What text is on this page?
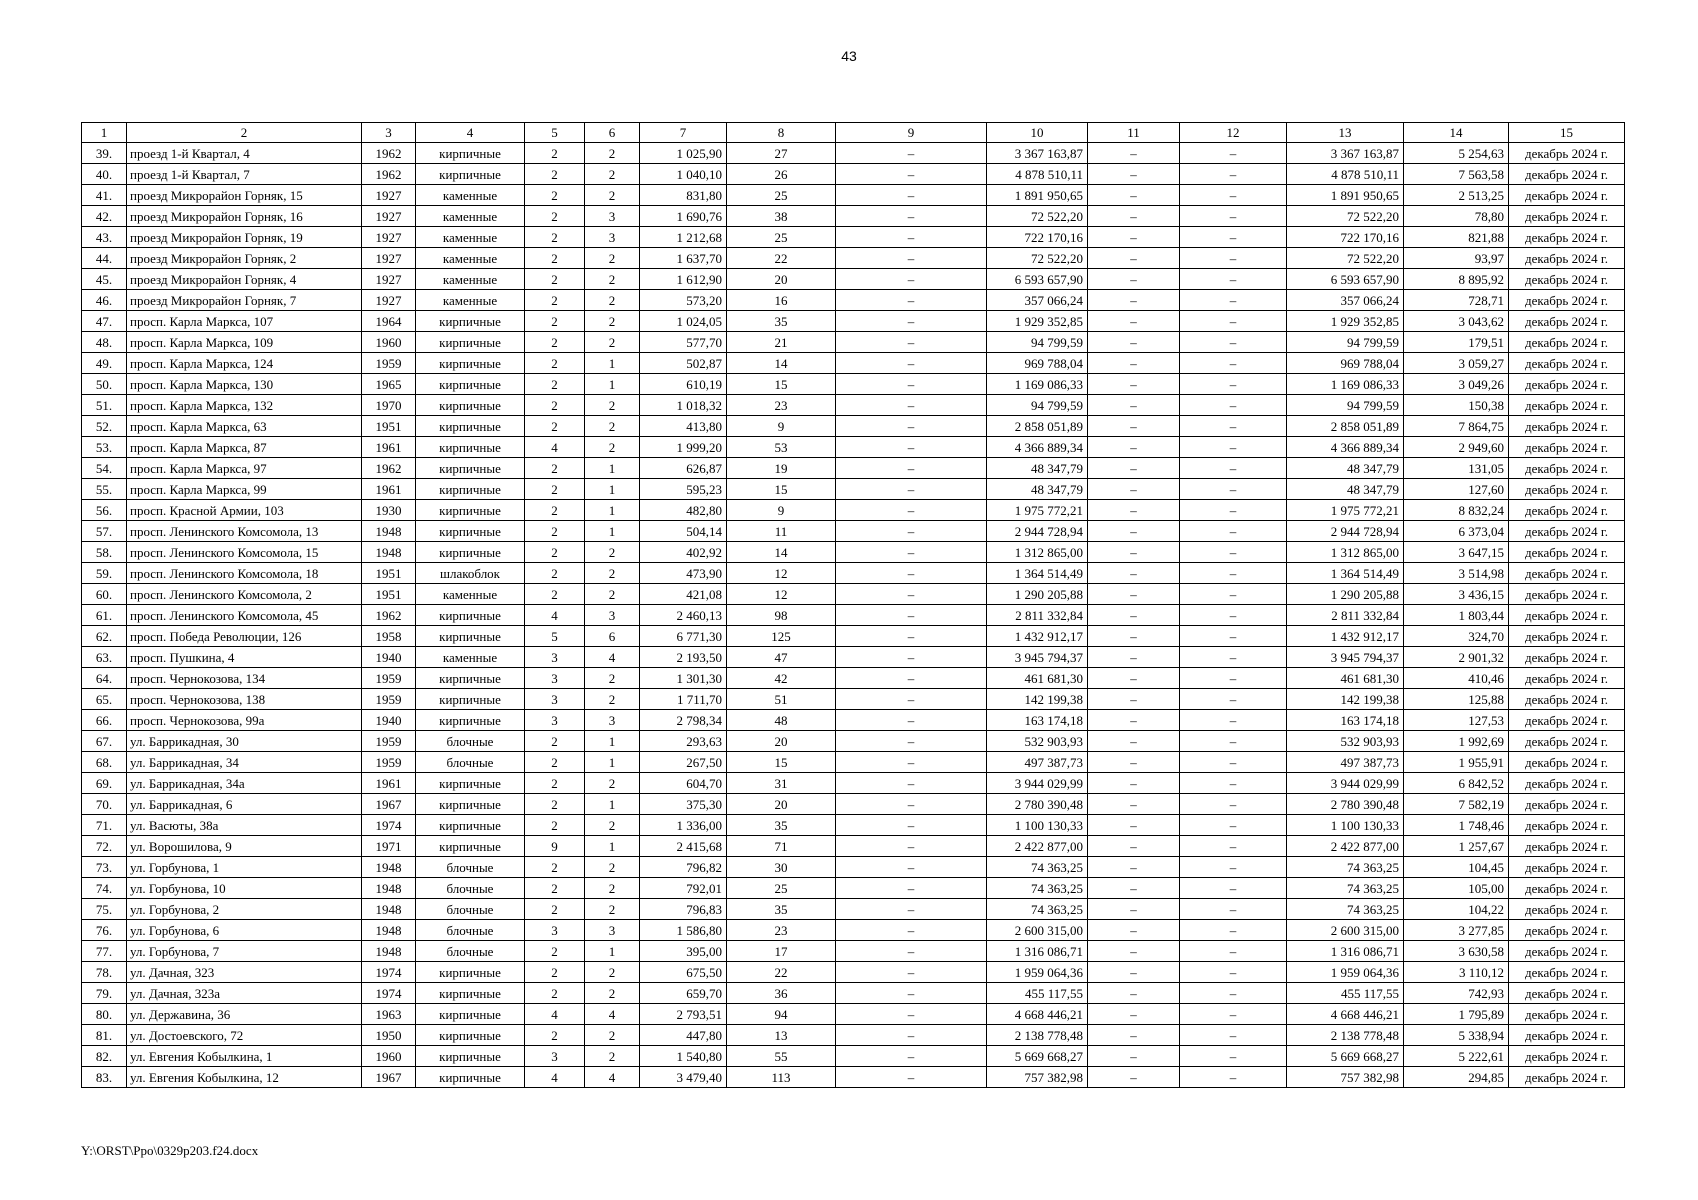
43
1	2	3	4	5	6	7	8	9	10	11	12	13	14	15
39.	проезд 1-й Квартал, 4	1962	кирпичные	2	2	1 025,90	27	–	3 367 163,87	–	–	3 367 163,87	5 254,63	декабрь 2024 г.
40.	проезд 1-й Квартал, 7	1962	кирпичные	2	2	1 040,10	26	–	4 878 510,11	–	–	4 878 510,11	7 563,58	декабрь 2024 г.
41.	проезд Микрорайон Горняк, 15	1927	каменные	2	2	831,80	25	–	1 891 950,65	–	–	1 891 950,65	2 513,25	декабрь 2024 г.
42.	проезд Микрорайон Горняк, 16	1927	каменные	2	3	1 690,76	38	–	72 522,20	–	–	72 522,20	78,80	декабрь 2024 г.
43.	проезд Микрорайон Горняк, 19	1927	каменные	2	3	1 212,68	25	–	722 170,16	–	–	722 170,16	821,88	декабрь 2024 г.
44.	проезд Микрорайон Горняк, 2	1927	каменные	2	2	1 637,70	22	–	72 522,20	–	–	72 522,20	93,97	декабрь 2024 г.
45.	проезд Микрорайон Горняк, 4	1927	каменные	2	2	1 612,90	20	–	6 593 657,90	–	–	6 593 657,90	8 895,92	декабрь 2024 г.
46.	проезд Микрорайон Горняк, 7	1927	каменные	2	2	573,20	16	–	357 066,24	–	–	357 066,24	728,71	декабрь 2024 г.
47.	просп. Карла Маркса, 107	1964	кирпичные	2	2	1 024,05	35	–	1 929 352,85	–	–	1 929 352,85	3 043,62	декабрь 2024 г.
48.	просп. Карла Маркса, 109	1960	кирпичные	2	2	577,70	21	–	94 799,59	–	–	94 799,59	179,51	декабрь 2024 г.
49.	просп. Карла Маркса, 124	1959	кирпичные	2	1	502,87	14	–	969 788,04	–	–	969 788,04	3 059,27	декабрь 2024 г.
50.	просп. Карла Маркса, 130	1965	кирпичные	2	1	610,19	15	–	1 169 086,33	–	–	1 169 086,33	3 049,26	декабрь 2024 г.
51.	просп. Карла Маркса, 132	1970	кирпичные	2	2	1 018,32	23	–	94 799,59	–	–	94 799,59	150,38	декабрь 2024 г.
52.	просп. Карла Маркса, 63	1951	кирпичные	2	2	413,80	9	–	2 858 051,89	–	–	2 858 051,89	7 864,75	декабрь 2024 г.
53.	просп. Карла Маркса, 87	1961	кирпичные	4	2	1 999,20	53	–	4 366 889,34	–	–	4 366 889,34	2 949,60	декабрь 2024 г.
54.	просп. Карла Маркса, 97	1962	кирпичные	2	1	626,87	19	–	48 347,79	–	–	48 347,79	131,05	декабрь 2024 г.
55.	просп. Карла Маркса, 99	1961	кирпичные	2	1	595,23	15	–	48 347,79	–	–	48 347,79	127,60	декабрь 2024 г.
56.	просп. Красной Армии, 103	1930	кирпичные	2	1	482,80	9	–	1 975 772,21	–	–	1 975 772,21	8 832,24	декабрь 2024 г.
57.	просп. Ленинского Комсомола, 13	1948	кирпичные	2	1	504,14	11	–	2 944 728,94	–	–	2 944 728,94	6 373,04	декабрь 2024 г.
58.	просп. Ленинского Комсомола, 15	1948	кирпичные	2	2	402,92	14	–	1 312 865,00	–	–	1 312 865,00	3 647,15	декабрь 2024 г.
59.	просп. Ленинского Комсомола, 18	1951	шлакоблок	2	2	473,90	12	–	1 364 514,49	–	–	1 364 514,49	3 514,98	декабрь 2024 г.
60.	просп. Ленинского Комсомола, 2	1951	каменные	2	2	421,08	12	–	1 290 205,88	–	–	1 290 205,88	3 436,15	декабрь 2024 г.
61.	просп. Ленинского Комсомола, 45	1962	кирпичные	4	3	2 460,13	98	–	2 811 332,84	–	–	2 811 332,84	1 803,44	декабрь 2024 г.
62.	просп. Победа Революции, 126	1958	кирпичные	5	6	6 771,30	125	–	1 432 912,17	–	–	1 432 912,17	324,70	декабрь 2024 г.
63.	просп. Пушкина, 4	1940	каменные	3	4	2 193,50	47	–	3 945 794,37	–	–	3 945 794,37	2 901,32	декабрь 2024 г.
64.	просп. Чернокозова, 134	1959	кирпичные	3	2	1 301,30	42	–	461 681,30	–	–	461 681,30	410,46	декабрь 2024 г.
65.	просп. Чернокозова, 138	1959	кирпичные	3	2	1 711,70	51	–	142 199,38	–	–	142 199,38	125,88	декабрь 2024 г.
66.	просп. Чернокозова, 99а	1940	кирпичные	3	3	2 798,34	48	–	163 174,18	–	–	163 174,18	127,53	декабрь 2024 г.
67.	ул. Баррикадная, 30	1959	блочные	2	1	293,63	20	–	532 903,93	–	–	532 903,93	1 992,69	декабрь 2024 г.
68.	ул. Баррикадная, 34	1959	блочные	2	1	267,50	15	–	497 387,73	–	–	497 387,73	1 955,91	декабрь 2024 г.
69.	ул. Баррикадная, 34а	1961	кирпичные	2	2	604,70	31	–	3 944 029,99	–	–	3 944 029,99	6 842,52	декабрь 2024 г.
70.	ул. Баррикадная, 6	1967	кирпичные	2	1	375,30	20	–	2 780 390,48	–	–	2 780 390,48	7 582,19	декабрь 2024 г.
71.	ул. Васюты, 38а	1974	кирпичные	2	2	1 336,00	35	–	1 100 130,33	–	–	1 100 130,33	1 748,46	декабрь 2024 г.
72.	ул. Ворошилова, 9	1971	кирпичные	9	1	2 415,68	71	–	2 422 877,00	–	–	2 422 877,00	1 257,67	декабрь 2024 г.
73.	ул. Горбунова, 1	1948	блочные	2	2	796,82	30	–	74 363,25	–	–	74 363,25	104,45	декабрь 2024 г.
74.	ул. Горбунова, 10	1948	блочные	2	2	792,01	25	–	74 363,25	–	–	74 363,25	105,00	декабрь 2024 г.
75.	ул. Горбунова, 2	1948	блочные	2	2	796,83	35	–	74 363,25	–	–	74 363,25	104,22	декабрь 2024 г.
76.	ул. Горбунова, 6	1948	блочные	3	3	1 586,80	23	–	2 600 315,00	–	–	2 600 315,00	3 277,85	декабрь 2024 г.
77.	ул. Горбунова, 7	1948	блочные	2	1	395,00	17	–	1 316 086,71	–	–	1 316 086,71	3 630,58	декабрь 2024 г.
78.	ул. Дачная, 323	1974	кирпичные	2	2	675,50	22	–	1 959 064,36	–	–	1 959 064,36	3 110,12	декабрь 2024 г.
79.	ул. Дачная, 323а	1974	кирпичные	2	2	659,70	36	–	455 117,55	–	–	455 117,55	742,93	декабрь 2024 г.
80.	ул. Державина, 36	1963	кирпичные	4	4	2 793,51	94	–	4 668 446,21	–	–	4 668 446,21	1 795,89	декабрь 2024 г.
81.	ул. Достоевского, 72	1950	кирпичные	2	2	447,80	13	–	2 138 778,48	–	–	2 138 778,48	5 338,94	декабрь 2024 г.
82.	ул. Евгения Кобылкина, 1	1960	кирпичные	3	2	1 540,80	55	–	5 669 668,27	–	–	5 669 668,27	5 222,61	декабрь 2024 г.
83.	ул. Евгения Кобылкина, 12	1967	кирпичные	4	4	3 479,40	113	–	757 382,98	–	–	757 382,98	294,85	декабрь 2024 г.
Y:\ORST\Ppo\0329p203.f24.docx
